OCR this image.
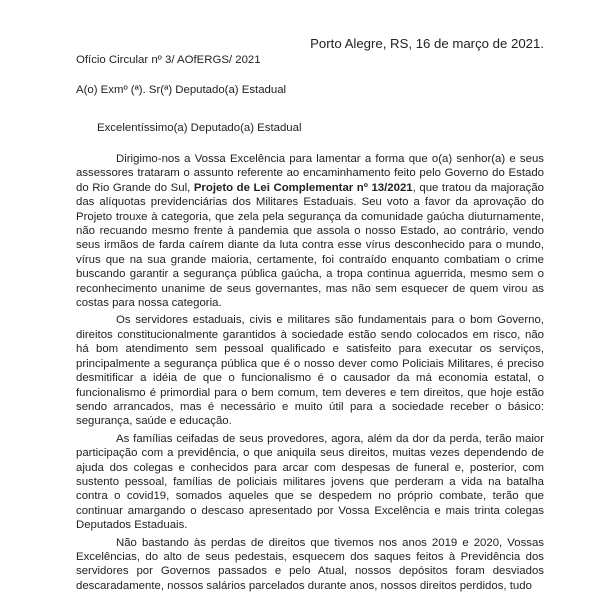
Porto Alegre, RS, 16 de março de 2021.
Ofício Circular nº 3/ AOfERGS/ 2021
A(o) Exmº (ª). Sr(ª) Deputado(a) Estadual
Excelentíssimo(a) Deputado(a) Estadual

Dirigimo-nos a Vossa Excelência para lamentar a forma que o(a) senhor(a) e seus assessores trataram o assunto referente ao encaminhamento feito pelo Governo do Estado do Rio Grande do Sul, Projeto de Lei Complementar nº 13/2021, que tratou da majoração das alíquotas previdenciárias dos Militares Estaduais. Seu voto a favor da aprovação do Projeto trouxe à categoria, que zela pela segurança da comunidade gaúcha diuturnamente, não recuando mesmo frente à pandemia que assola o nosso Estado, ao contrário, vendo seus irmãos de farda caírem diante da luta contra esse vírus desconhecido para o mundo, vírus que na sua grande maioria, certamente, foi contraído enquanto combatiam o crime buscando garantir a segurança pública gaúcha, a tropa continua aguerrida, mesmo sem o reconhecimento unanime de seus governantes, mas não sem esquecer de quem virou as costas para nossa categoria.

Os servidores estaduais, civis e militares são fundamentais para o bom Governo, direitos constitucionalmente garantidos à sociedade estão sendo colocados em risco, não há bom atendimento sem pessoal qualificado e satisfeito para executar os serviços, principalmente a segurança pública que é o nosso dever como Policiais Militares, é preciso desmitificar a idéia de que o funcionalismo é o causador da má economia estatal, o funcionalismo é primordial para o bem comum, tem deveres e tem direitos, que hoje estão sendo arrancados, mas é necessário e muito útil para a sociedade receber o básico: segurança, saúde e educação.

As famílias ceifadas de seus provedores, agora, além da dor da perda, terão maior participação com a previdência, o que aniquila seus direitos, muitas vezes dependendo de ajuda dos colegas e conhecidos para arcar com despesas de funeral e, posterior, com sustento pessoal, famílias de policiais militares jovens que perderam a vida na batalha contra o covid19, somados aqueles que se despedem no próprio combate, terão que continuar amargando o descaso apresentado por Vossa Excelência e mais trinta colegas Deputados Estaduais.

Não bastando às perdas de direitos que tivemos nos anos 2019 e 2020, Vossas Excelências, do alto de seus pedestais, esquecem dos saques feitos à Previdência dos servidores por Governos passados e pelo Atual, nossos depósitos foram desviados descaradamente, nossos salários parcelados durante anos, nossos direitos perdidos, tudo
